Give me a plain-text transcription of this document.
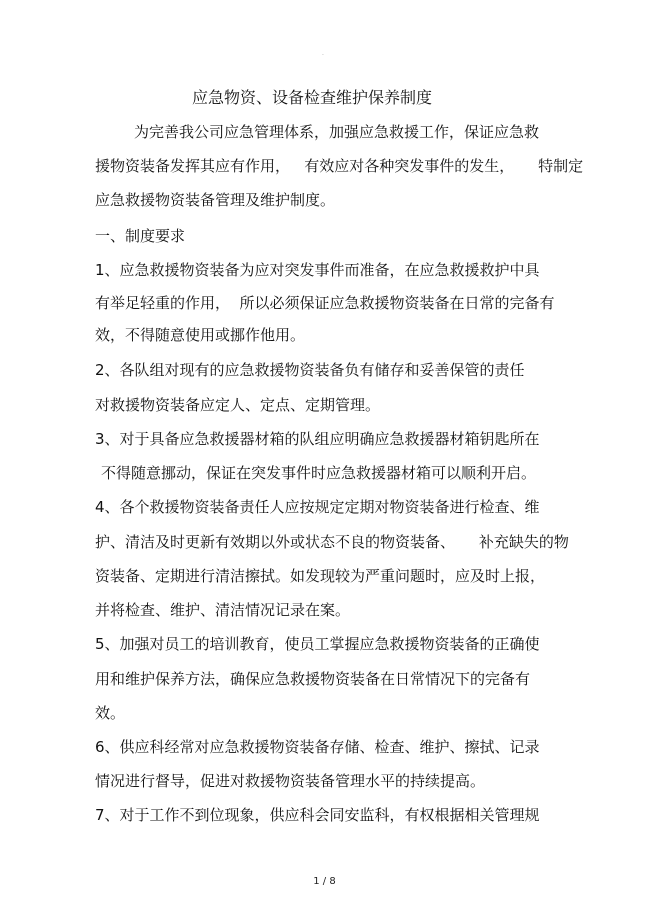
.
应急物资、设备检查维护保养制度
为完善我公司应急管理体系，加强应急救援工作，保证应急救
援物资装备发挥其应有作用，   有效应对各种突发事件的发生，     特制定
应急救援物资装备管理及维护制度。
一、制度要求
1、应急救援物资装备为应对突发事件而准备，在应急救援救护中具
有举足轻重的作用，  所以必须保证应急救援物资装备在日常的完备有
效，不得随意使用或挪作他用。
2、各队组对现有的应急救援物资装备负有储存和妥善保管的责任
对救援物资装备应定人、定点、定期管理。
3、对于具备应急救援器材箱的队组应明确应急救援器材箱钥匙所在
不得随意挪动，保证在突发事件时应急救援器材箱可以顺利开启。
4、各个救援物资装备责任人应按规定定期对物资装备进行检查、维
护、清洁及时更新有效期以外或状态不良的物资装备、     补充缺失的物
资装备、定期进行清洁擦拭。如发现较为严重问题时，应及时上报，
并将检查、维护、清洁情况记录在案。
5、加强对员工的培训教育，使员工掌握应急救援物资装备的正确使
用和维护保养方法，确保应急救援物资装备在日常情况下的完备有
效。
6、供应科经常对应急救援物资装备存储、检查、维护、擦拭、记录
情况进行督导，促进对救援物资装备管理水平的持续提高。
7、对于工作不到位现象，供应科会同安监科，有权根据相关管理规
1 / 8
